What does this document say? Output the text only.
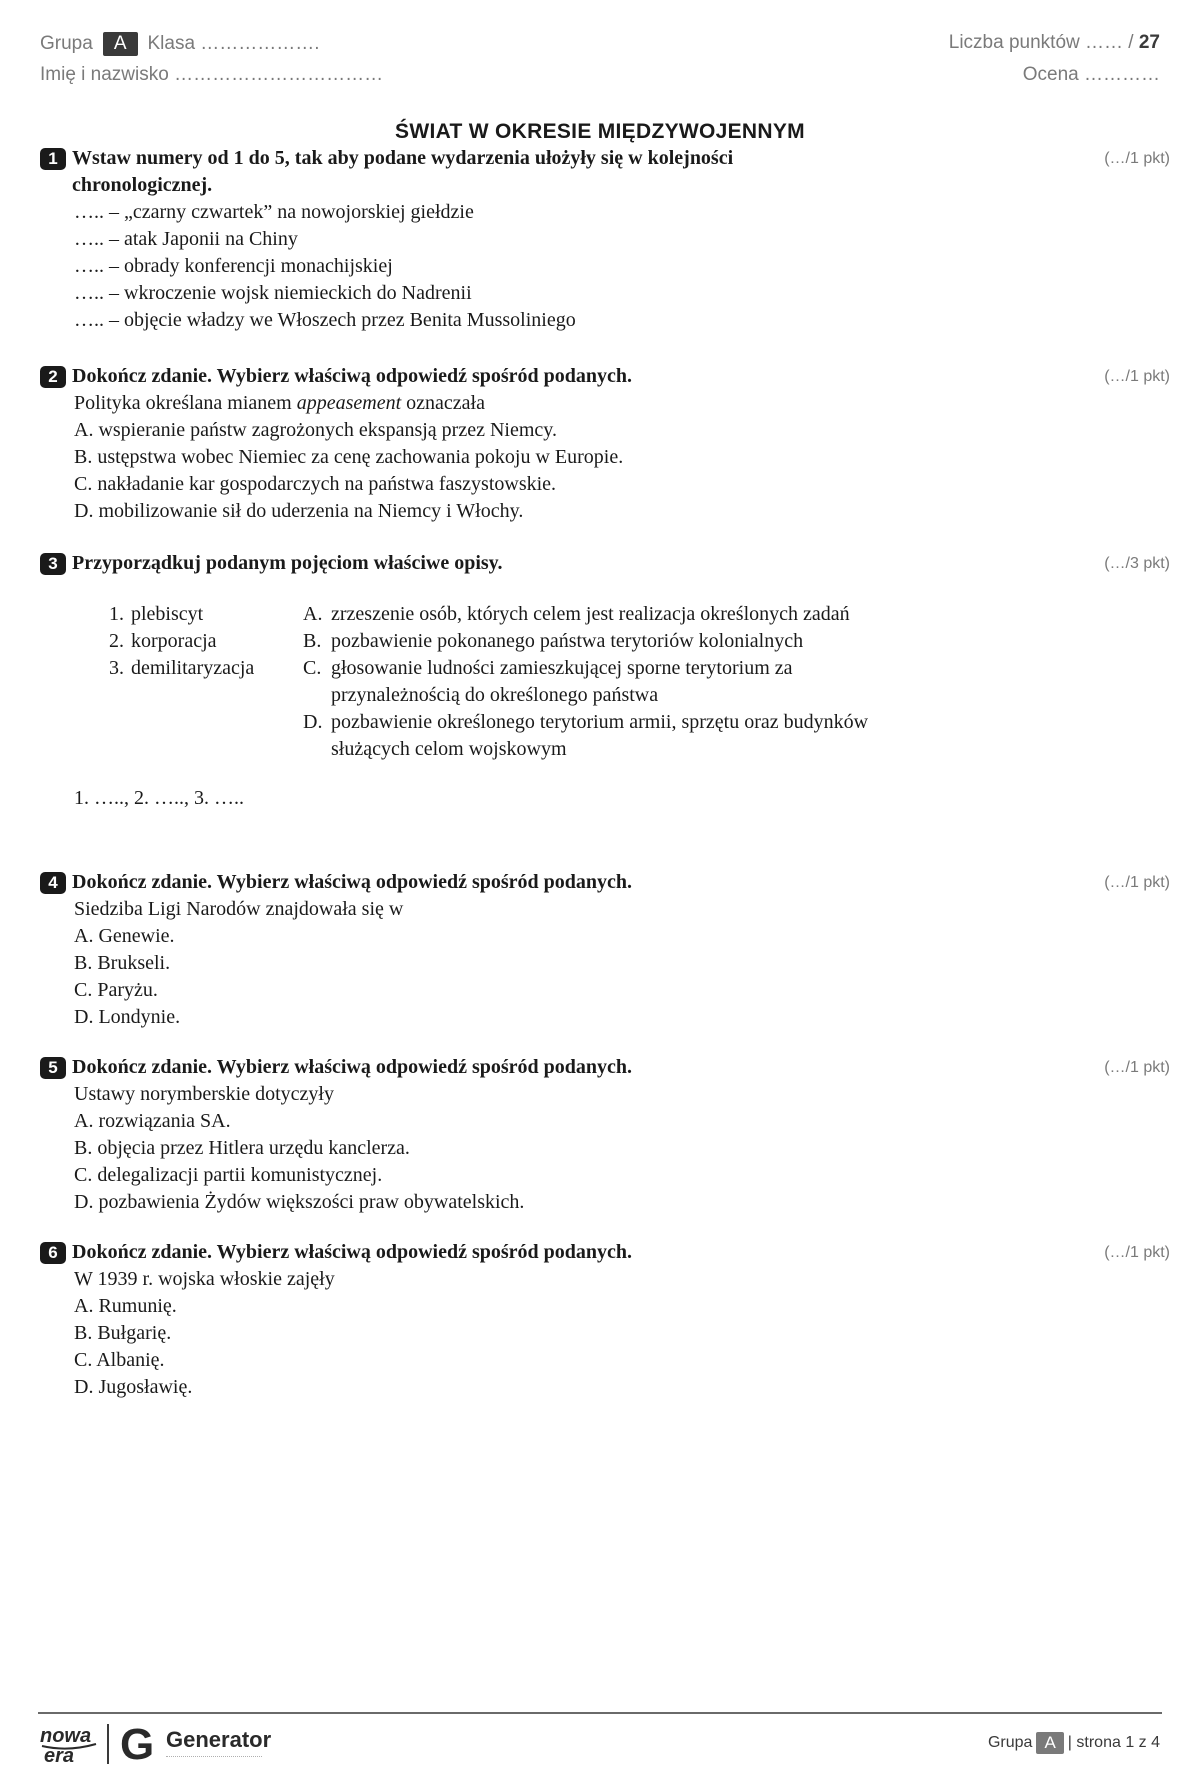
Grupa	A	Klasa ……………….
Imię i nazwisko ……………………………
Liczba punktów …… / 27
Ocena …………
ŚWIAT W OKRESIE MIĘDZYWOJENNYM
1 Wstaw numery od 1 do 5, tak aby podane wydarzenia ułożyły się w kolejności chronologicznej.
(…/1 pkt)
….. – „czarny czwartek” na nowojorskiej giełdzie
….. – atak Japonii na Chiny
….. – obrady konferencji monachijskiej
….. – wkroczenie wojsk niemieckich do Nadrenii
….. – objęcie władzy we Włoszech przez Benita Mussoliniego
2 Dokończ zdanie. Wybierz właściwą odpowiedź spośród podanych.	(…/1 pkt)
Polityka określana mianem appeasement oznaczała
A. wspieranie państw zagrożonych ekspansją przez Niemcy.
B. ustępstwa wobec Niemiec za cenę zachowania pokoju w Europie.
C. nakładanie kar gospodarczych na państwa faszystowskie.
D. mobilizowanie sił do uderzenia na Niemcy i Włochy.
3 Przyporządkuj podanym pojęciom właściwe opisy.	(…/3 pkt)
1. plebiscyt
2. korporacja
3. demilitaryzacja
A. zrzeszenie osób, których celem jest realizacja określonych zadań
B. pozbawienie pokonanego państwa terytoriów kolonialnych
C. głosowanie ludności zamieszkującej sporne terytorium za przynależnością do określonego państwa
D. pozbawienie określonego terytorium armii, sprzętu oraz budynków służących celom wojskowym
1. ….., 2. ….., 3. …..
4 Dokończ zdanie. Wybierz właściwą odpowiedź spośród podanych.	(…/1 pkt)
Siedziba Ligi Narodów znajdowała się w
A. Genewie.
B. Brukseli.
C. Paryżu.
D. Londynie.
5 Dokończ zdanie. Wybierz właściwą odpowiedź spośród podanych.	(…/1 pkt)
Ustawy norymberskie dotyczyły
A. rozwiązania SA.
B. objęcia przez Hitlera urzędu kanclerza.
C. delegalizacji partii komunistycznej.
D. pozbawienia Żydów większości praw obywatelskich.
6 Dokończ zdanie. Wybierz właściwą odpowiedź spośród podanych.	(…/1 pkt)
W 1939 r. wojska włoskie zajęły
A. Rumunię.
B. Bułgarię.
C. Albanię.
D. Jugosławię.
nowa
era G Generator	Grupa A | strona 1 z 4
